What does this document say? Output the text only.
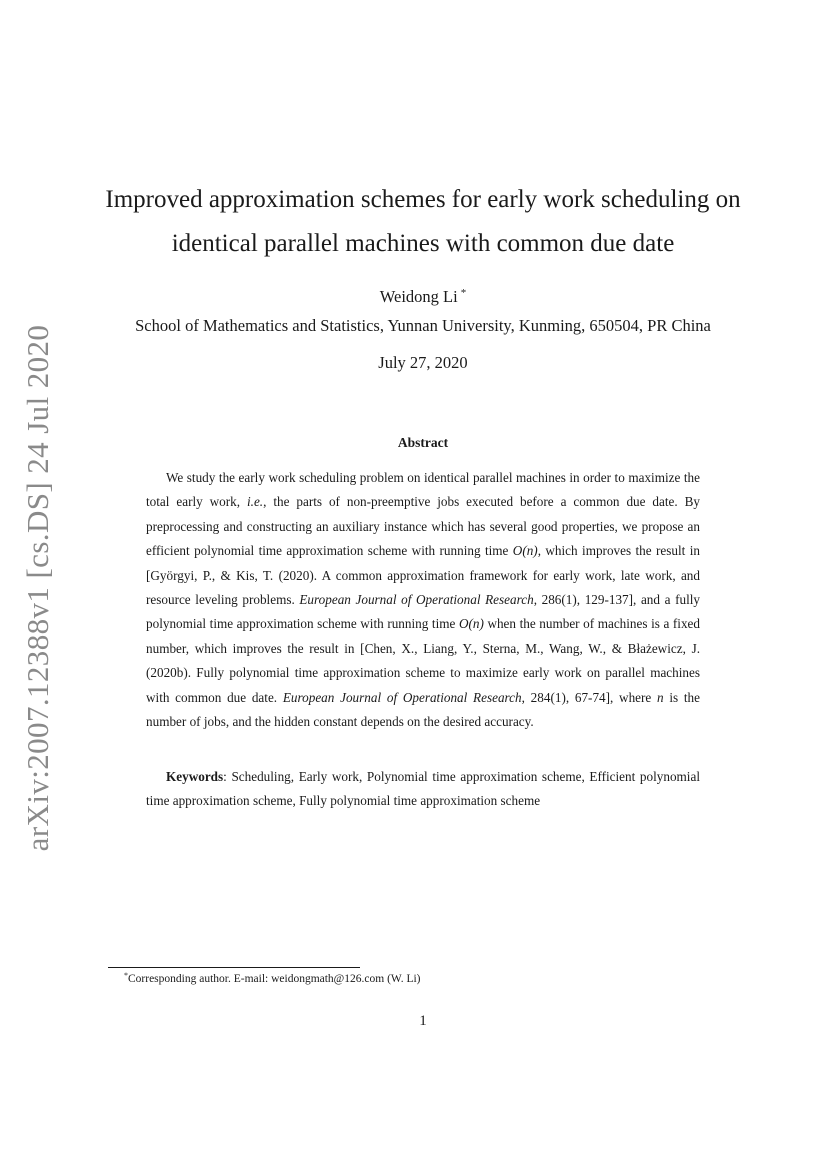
arXiv:2007.12388v1 [cs.DS] 24 Jul 2020
Improved approximation schemes for early work scheduling on identical parallel machines with common due date
Weidong Li *
School of Mathematics and Statistics, Yunnan University, Kunming, 650504, PR China
July 27, 2020
Abstract

We study the early work scheduling problem on identical parallel machines in order to maximize the total early work, i.e., the parts of non-preemptive jobs executed before a common due date. By preprocessing and constructing an auxiliary instance which has several good properties, we propose an efficient polynomial time approximation scheme with running time O(n), which improves the result in [Györgyi, P., & Kis, T. (2020). A common approximation framework for early work, late work, and resource leveling problems. European Journal of Operational Research, 286(1), 129-137], and a fully polynomial time approximation scheme with running time O(n) when the number of machines is a fixed number, which improves the result in [Chen, X., Liang, Y., Sterna, M., Wang, W., & Błażewicz, J. (2020b). Fully polynomial time approximation scheme to maximize early work on parallel machines with common due date. European Journal of Operational Research, 284(1), 67-74], where n is the number of jobs, and the hidden constant depends on the desired accuracy.

Keywords: Scheduling, Early work, Polynomial time approximation scheme, Efficient polynomial time approximation scheme, Fully polynomial time approximation scheme

*Corresponding author. E-mail: weidongmath@126.com (W. Li)
1
